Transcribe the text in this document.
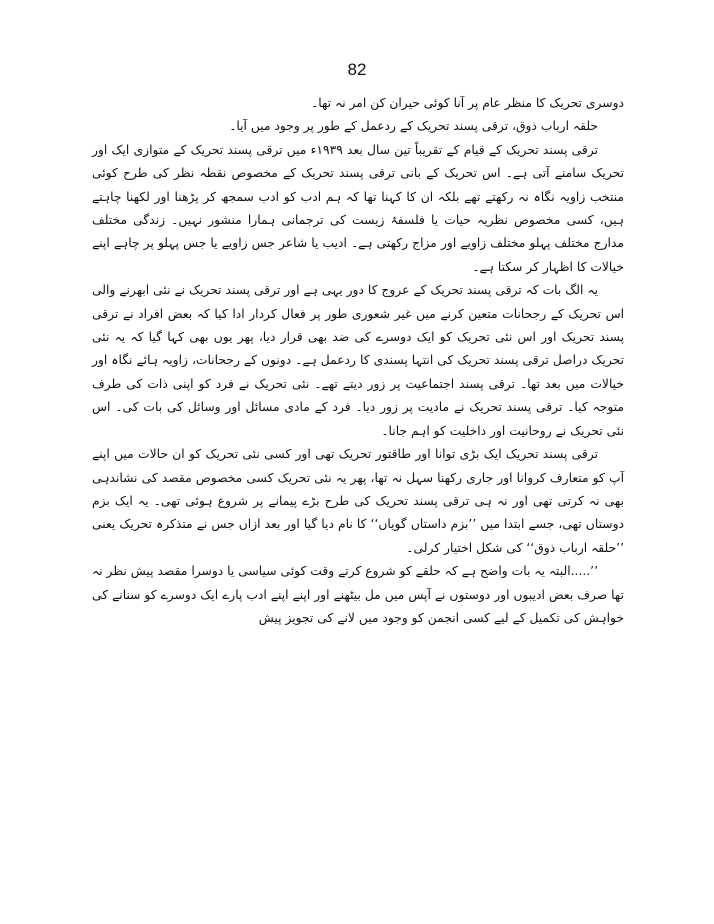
82

دوسری تحریک کا منظر عام پر آنا کوئی حیران کن امر نہ تھا۔

حلقہ ارباب ذوق، ترقی پسند تحریک کے ردعمل کے طور پر وجود میں آیا۔

ترقی پسند تحریک کے قیام کے تقریباً تین سال بعد ۱۹۳۹ء میں ترقی پسند تحریک کے متوازی ایک اور تحریک سامنے آتی ہے۔ اس تحریک کے بانی ترقی پسند تحریک کے مخصوص نقطہ نظر کی طرح کوئی منتخب زاویہ نگاہ نہ رکھتے تھے بلکہ ان کا کہنا تھا کہ ہم ادب کو ادب سمجھ کر پڑھنا اور لکھنا چاہتے ہیں، کسی مخصوص نظریہ حیات یا فلسفۂ زیست کی ترجمانی ہمارا منشور نہیں۔ زندگی مختلف مدارج مختلف پہلو مختلف زاویے اور مزاج رکھتی ہے۔ ادیب یا شاعر جس زاویے یا جس پہلو پر چاہے اپنے خیالات کا اظہار کر سکتا ہے۔

یہ الگ بات کہ ترقی پسند تحریک کے عروج کا دور یہی ہے اور ترقی پسند تحریک نے نئی ابھرنے والی اس تحریک کے رجحانات متعین کرنے میں غیر شعوری طور پر فعال کردار ادا کیا کہ بعض افراد نے ترقی پسند تحریک اور اس نئی تحریک کو ایک دوسرے کی ضد بھی قرار دیا، پھر یوں بھی کہا گیا کہ یہ نئی تحریک دراصل ترقی پسند تحریک کی انتہا پسندی کا ردعمل ہے۔ دونوں کے رجحانات، زاویہ ہائے نگاہ اور خیالات میں بعد تھا۔ ترقی پسند اجتماعیت پر زور دیتے تھے۔ نئی تحریک نے فرد کو اپنی ذات کی طرف متوجہ کیا۔ ترقی پسند تحریک نے مادیت پر زور دیا۔ فرد کے مادی مسائل اور وسائل کی بات کی۔ اس نئی تحریک نے روحانیت اور داخلیت کو اہم جانا۔

ترقی پسند تحریک ایک بڑی توانا اور طاقتور تحریک تھی اور کسی نئی تحریک کو ان حالات میں اپنے آپ کو متعارف کروانا اور جاری رکھنا سہل نہ تھا، پھر یہ نئی تحریک کسی مخصوص مقصد کی نشاندہی بھی نہ کرتی تھی اور نہ ہی ترقی پسند تحریک کی طرح بڑے پیمانے پر شروع ہوئی تھی۔ یہ ایک بزم دوستاں تھی، جسے ابتدا میں ’’بزم داستاں گویاں‘‘ کا نام دیا گیا اور بعد ازاں جس نے متذکرہ تحریک یعنی ’’حلقہ ارباب ذوق‘‘ کی شکل اختیار کرلی۔

’’.....البتہ یہ بات واضح ہے کہ حلقے کو شروع کرتے وقت کوئی سیاسی یا دوسرا مقصد پیش نظر نہ تھا صرف بعض ادیبوں اور دوستوں نے آپس میں مل بیٹھنے اور اپنے اپنے ادب پارے ایک دوسرے کو سنانے کی خواہش کی تکمیل کے لیے کسی انجمن کو وجود میں لانے کی تجویز پیش
